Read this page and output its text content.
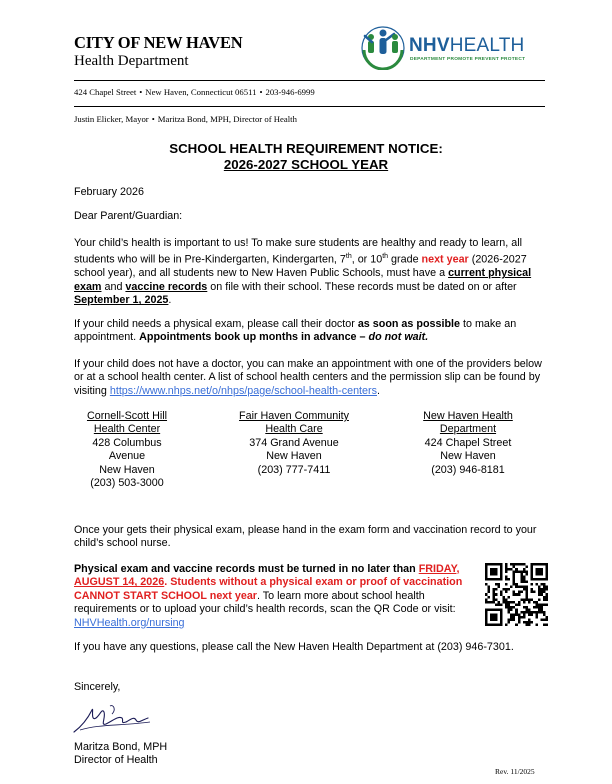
CITY OF NEW HAVEN
Health Department
424 Chapel Street • New Haven, Connecticut 06511 • 203-946-6999
Justin Elicker, Mayor • Maritza Bond, MPH, Director of Health
NHVHEALTH
DEPARTMENT PROMOTE PREVENT PROTECT
SCHOOL HEALTH REQUIREMENT NOTICE:
2026-2027 SCHOOL YEAR
February 2026
Dear Parent/Guardian:
Your child’s health is important to us! To make sure students are healthy and ready to learn, all students who will be in Pre-Kindergarten, Kindergarten, 7th, or 10th grade next year (2026-2027 school year), and all students new to New Haven Public Schools, must have a current physical exam and vaccine records on file with their school. These records must be dated on or after September 1, 2025.
If your child needs a physical exam, please call their doctor as soon as possible to make an appointment. Appointments book up months in advance – do not wait.
If your child does not have a doctor, you can make an appointment with one of the providers below or at a school health center. A list of school health centers and the permission slip can be found by visiting https://www.nhps.net/o/nhps/page/school-health-centers.
Cornell-Scott Hill
Health Center
428 Columbus
Avenue
New Haven
(203) 503-3000
Fair Haven Community
Health Care
374 Grand Avenue
New Haven
(203) 777-7411
New Haven Health
Department
424 Chapel Street
New Haven
(203) 946-8181
Once your gets their physical exam, please hand in the exam form and vaccination record to your child’s school nurse.
Physical exam and vaccine records must be turned in no later than FRIDAY, AUGUST 14, 2026. Students without a physical exam or proof of vaccination CANNOT START SCHOOL next year. To learn more about school health requirements or to upload your child’s health records, scan the QR Code or visit: NHVHealth.org/nursing
If you have any questions, please call the New Haven Health Department at (203) 946-7301.
Sincerely,
Maritza Bond, MPH
Director of Health
Rev. 11/2025
